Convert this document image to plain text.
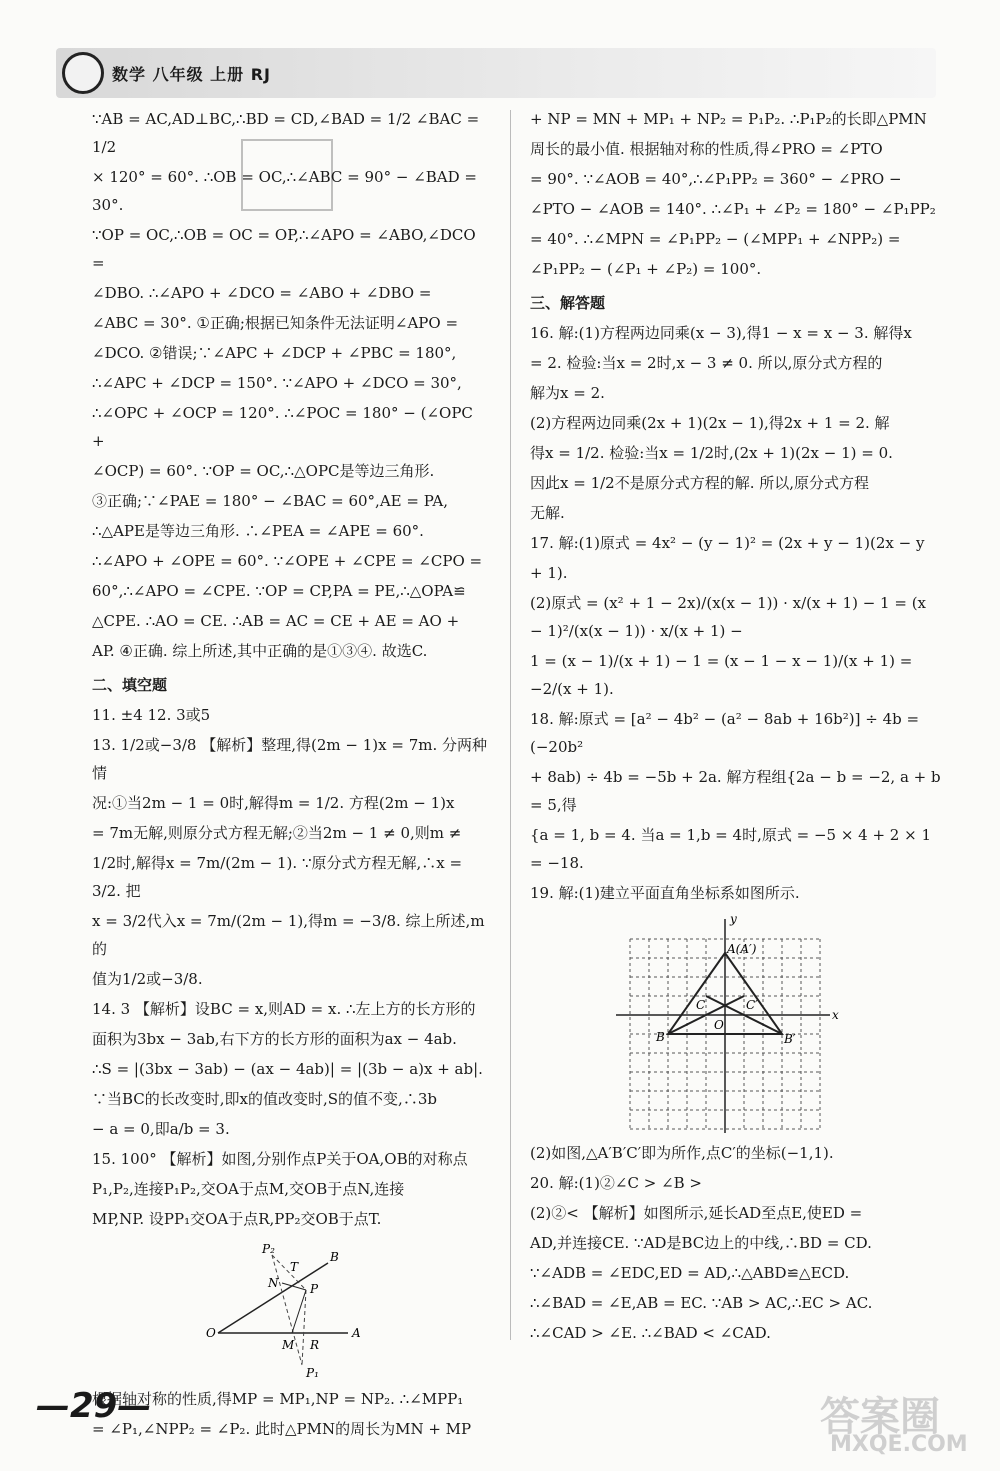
数学 八年级 上册 RJ

∵AB = AC,AD⊥BC,∴BD = CD,∠BAD = 1/2 ∠BAC = 1/2

× 120° = 60°. ∴OB = OC,∴∠ABC = 90° − ∠BAD = 30°.

∵OP = OC,∴OB = OC = OP,∴∠APO = ∠ABO,∠DCO =

∠DBO. ∴∠APO + ∠DCO = ∠ABO + ∠DBO =

∠ABC = 30°. ①正确;根据已知条件无法证明∠APO =

∠DCO. ②错误;∵∠APC + ∠DCP + ∠PBC = 180°,

∴∠APC + ∠DCP = 150°. ∵∠APO + ∠DCO = 30°,

∴∠OPC + ∠OCP = 120°. ∴∠POC = 180° − (∠OPC +

∠OCP) = 60°. ∵OP = OC,∴△OPC是等边三角形.

③正确;∵∠PAE = 180° − ∠BAC = 60°,AE = PA,

∴△APE是等边三角形. ∴∠PEA = ∠APE = 60°.

∴∠APO + ∠OPE = 60°. ∵∠OPE + ∠CPE = ∠CPO =

60°,∴∠APO = ∠CPE. ∵OP = CP,PA = PE,∴△OPA≌

△CPE. ∴AO = CE. ∴AB = AC = CE + AE = AO +

AP. ④正确. 综上所述,其中正确的是①③④. 故选C.

二、填空题

11. ±4 12. 3或5

13. 1/2或−3/8 【解析】整理,得(2m − 1)x = 7m. 分两种情

况:①当2m − 1 = 0时,解得m = 1/2. 方程(2m − 1)x

= 7m无解,则原分式方程无解;②当2m − 1 ≠ 0,则m ≠

1/2时,解得x = 7m/(2m − 1). ∵原分式方程无解,∴x = 3/2. 把

x = 3/2代入x = 7m/(2m − 1),得m = −3/8. 综上所述,m的

值为1/2或−3/8.

14. 3 【解析】设BC = x,则AD = x. ∴左上方的长方形的

面积为3bx − 3ab,右下方的长方形的面积为ax − 4ab.

∴S = |(3bx − 3ab) − (ax − 4ab)| = |(3b − a)x + ab|.

∵当BC的长改变时,即x的值改变时,S的值不变,∴3b

− a = 0,即a/b = 3.

15. 100° 【解析】如图,分别作点P关于OA,OB的对称点

P₁,P₂,连接P₁P₂,交OA于点M,交OB于点N,连接

MP,NP. 设PP₁交OA于点R,PP₂交OB于点T.

P₂
B
T
N	P
O	A
M R
P₁

根据轴对称的性质,得MP = MP₁,NP = NP₂. ∴∠MPP₁

= ∠P₁,∠NPP₂ = ∠P₂. 此时△PMN的周长为MN + MP

+ NP = MN + MP₁ + NP₂ = P₁P₂. ∴P₁P₂的长即△PMN

周长的最小值. 根据轴对称的性质,得∠PRO = ∠PTO

= 90°. ∵∠AOB = 40°,∴∠P₁PP₂ = 360° − ∠PRO −

∠PTO − ∠AOB = 140°. ∴∠P₁ + ∠P₂ = 180° − ∠P₁PP₂

= 40°. ∴∠MPN = ∠P₁PP₂ − (∠MPP₁ + ∠NPP₂) =

∠P₁PP₂ − (∠P₁ + ∠P₂) = 100°.

三、解答题

16. 解:(1)方程两边同乘(x − 3),得1 − x = x − 3. 解得x

= 2. 检验:当x = 2时,x − 3 ≠ 0. 所以,原分式方程的

解为x = 2.

(2)方程两边同乘(2x + 1)(2x − 1),得2x + 1 = 2. 解

得x = 1/2. 检验:当x = 1/2时,(2x + 1)(2x − 1) = 0.

因此x = 1/2不是原分式方程的解. 所以,原分式方程

无解.

17. 解:(1)原式 = 4x² − (y − 1)² = (2x + y − 1)(2x − y

+ 1).

(2)原式 = (x² + 1 − 2x)/(x(x − 1)) · x/(x + 1) − 1 = (x − 1)²/(x(x − 1)) · x/(x + 1) −

1 = (x − 1)/(x + 1) − 1 = (x − 1 − x − 1)/(x + 1) = −2/(x + 1).

18. 解:原式 = [a² − 4b² − (a² − 8ab + 16b²)] ÷ 4b = (−20b²

+ 8ab) ÷ 4b = −5b + 2a. 解方程组{2a − b = −2, a + b = 5,得

{a = 1, b = 4. 当a = 1,b = 4时,原式 = −5 × 4 + 2 × 1 = −18.

19. 解:(1)建立平面直角坐标系如图所示.

y
A(A′)
C	C′
O
B	B′
x

(2)如图,△A′B′C′即为所作,点C′的坐标(−1,1).

20. 解:(1)②∠C > ∠B >

(2)②< 【解析】如图所示,延长AD至点E,使ED =

AD,并连接CE. ∵AD是BC边上的中线,∴BD = CD.

∵∠ADB = ∠EDC,ED = AD,∴△ABD≌△ECD.

∴∠BAD = ∠E,AB = EC. ∵AB > AC,∴EC > AC.

∴∠CAD > ∠E. ∴∠BAD < ∠CAD.

—29—	答案圈
MXQE.COM
